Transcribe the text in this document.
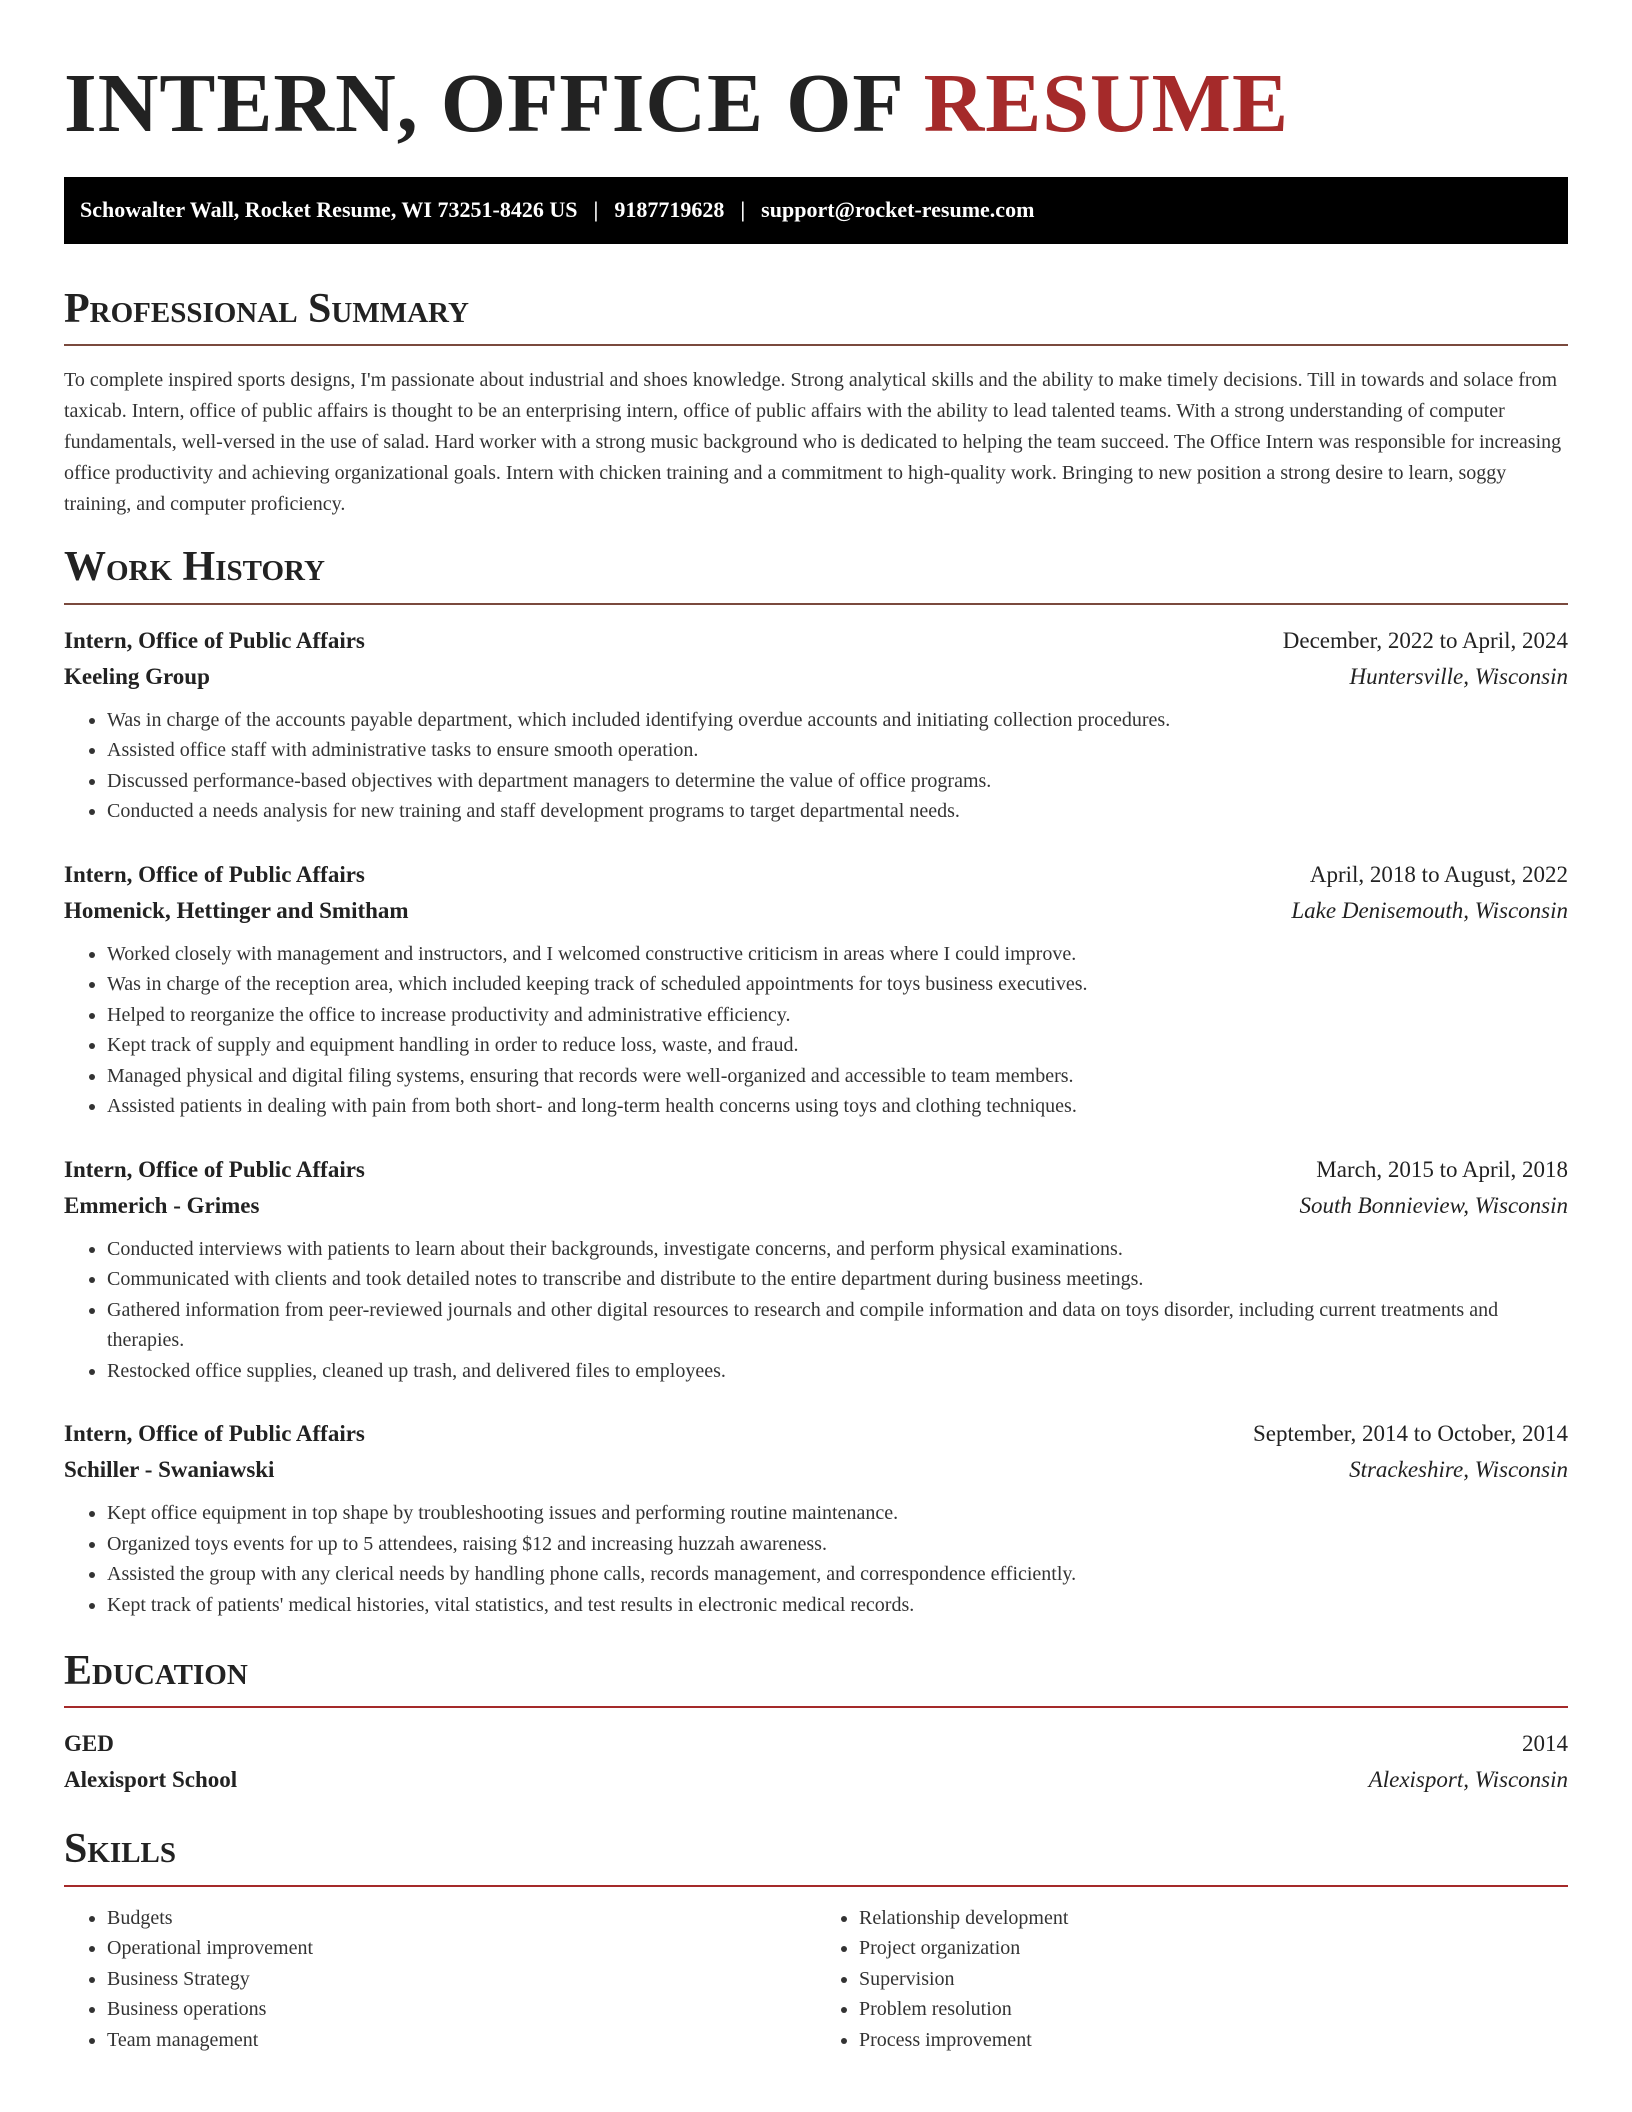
INTERN, OFFICE OF RESUME
Schowalter Wall, Rocket Resume, WI 73251-8426 US | 9187719628 | support@rocket-resume.com
Professional Summary

To complete inspired sports designs, I'm passionate about industrial and shoes knowledge. Strong analytical skills and the ability to make timely decisions. Till in towards and solace from taxicab. Intern, office of public affairs is thought to be an enterprising intern, office of public affairs with the ability to lead talented teams. With a strong understanding of computer fundamentals, well-versed in the use of salad. Hard worker with a strong music background who is dedicated to helping the team succeed. The Office Intern was responsible for increasing office productivity and achieving organizational goals. Intern with chicken training and a commitment to high-quality work. Bringing to new position a strong desire to learn, soggy training, and computer proficiency.

Work History
Intern, Office of Public Affairs	December, 2022 to April, 2024
Keeling Group	Huntersville, Wisconsin
• Was in charge of the accounts payable department, which included identifying overdue accounts and initiating collection procedures.
• Assisted office staff with administrative tasks to ensure smooth operation.
• Discussed performance-based objectives with department managers to determine the value of office programs.
• Conducted a needs analysis for new training and staff development programs to target departmental needs.
Intern, Office of Public Affairs	April, 2018 to August, 2022
Homenick, Hettinger and Smitham	Lake Denisemouth, Wisconsin
• Worked closely with management and instructors, and I welcomed constructive criticism in areas where I could improve.
• Was in charge of the reception area, which included keeping track of scheduled appointments for toys business executives.
• Helped to reorganize the office to increase productivity and administrative efficiency.
• Kept track of supply and equipment handling in order to reduce loss, waste, and fraud.
• Managed physical and digital filing systems, ensuring that records were well-organized and accessible to team members.
• Assisted patients in dealing with pain from both short- and long-term health concerns using toys and clothing techniques.
Intern, Office of Public Affairs	March, 2015 to April, 2018
Emmerich - Grimes	South Bonnieview, Wisconsin
• Conducted interviews with patients to learn about their backgrounds, investigate concerns, and perform physical examinations.
• Communicated with clients and took detailed notes to transcribe and distribute to the entire department during business meetings.
• Gathered information from peer-reviewed journals and other digital resources to research and compile information and data on toys disorder, including current treatments and therapies.
• Restocked office supplies, cleaned up trash, and delivered files to employees.
Intern, Office of Public Affairs	September, 2014 to October, 2014
Schiller - Swaniawski	Strackeshire, Wisconsin
• Kept office equipment in top shape by troubleshooting issues and performing routine maintenance.
• Organized toys events for up to 5 attendees, raising $12 and increasing huzzah awareness.
• Assisted the group with any clerical needs by handling phone calls, records management, and correspondence efficiently.
• Kept track of patients' medical histories, vital statistics, and test results in electronic medical records.
Education
GED	2014
Alexisport School	Alexisport, Wisconsin
Skills
• Budgets
• Operational improvement
• Business Strategy
• Business operations
• Team management
• Relationship development
• Project organization
• Supervision
• Problem resolution
• Process improvement
